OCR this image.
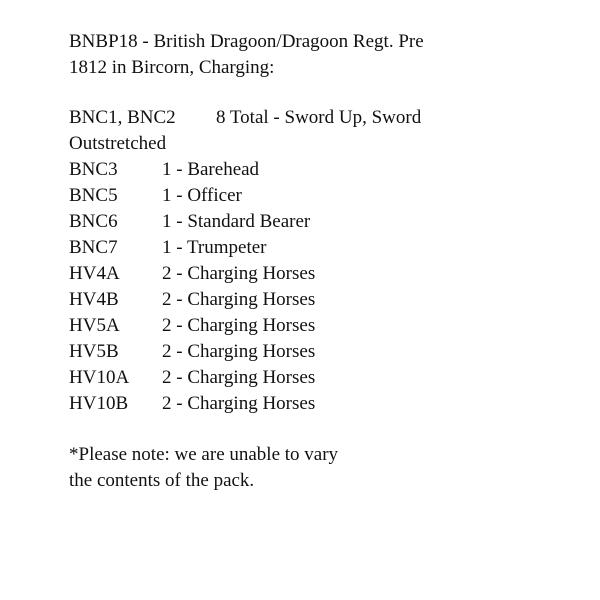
BNBP18 - British Dragoon/Dragoon Regt. Pre
1812 in Bircorn, Charging:
BNC1, BNC2 8 Total - Sword Up, Sword
Outstretched
BNC3 1 - Barehead
BNC5 1 - Officer
BNC6 1 - Standard Bearer
BNC7 1 - Trumpeter
HV4A 2 - Charging Horses
HV4B 2 - Charging Horses
HV5A 2 - Charging Horses
HV5B 2 - Charging Horses
HV10A 2 - Charging Horses
HV10B 2 - Charging Horses
*Please note: we are unable to vary
the contents of the pack.
